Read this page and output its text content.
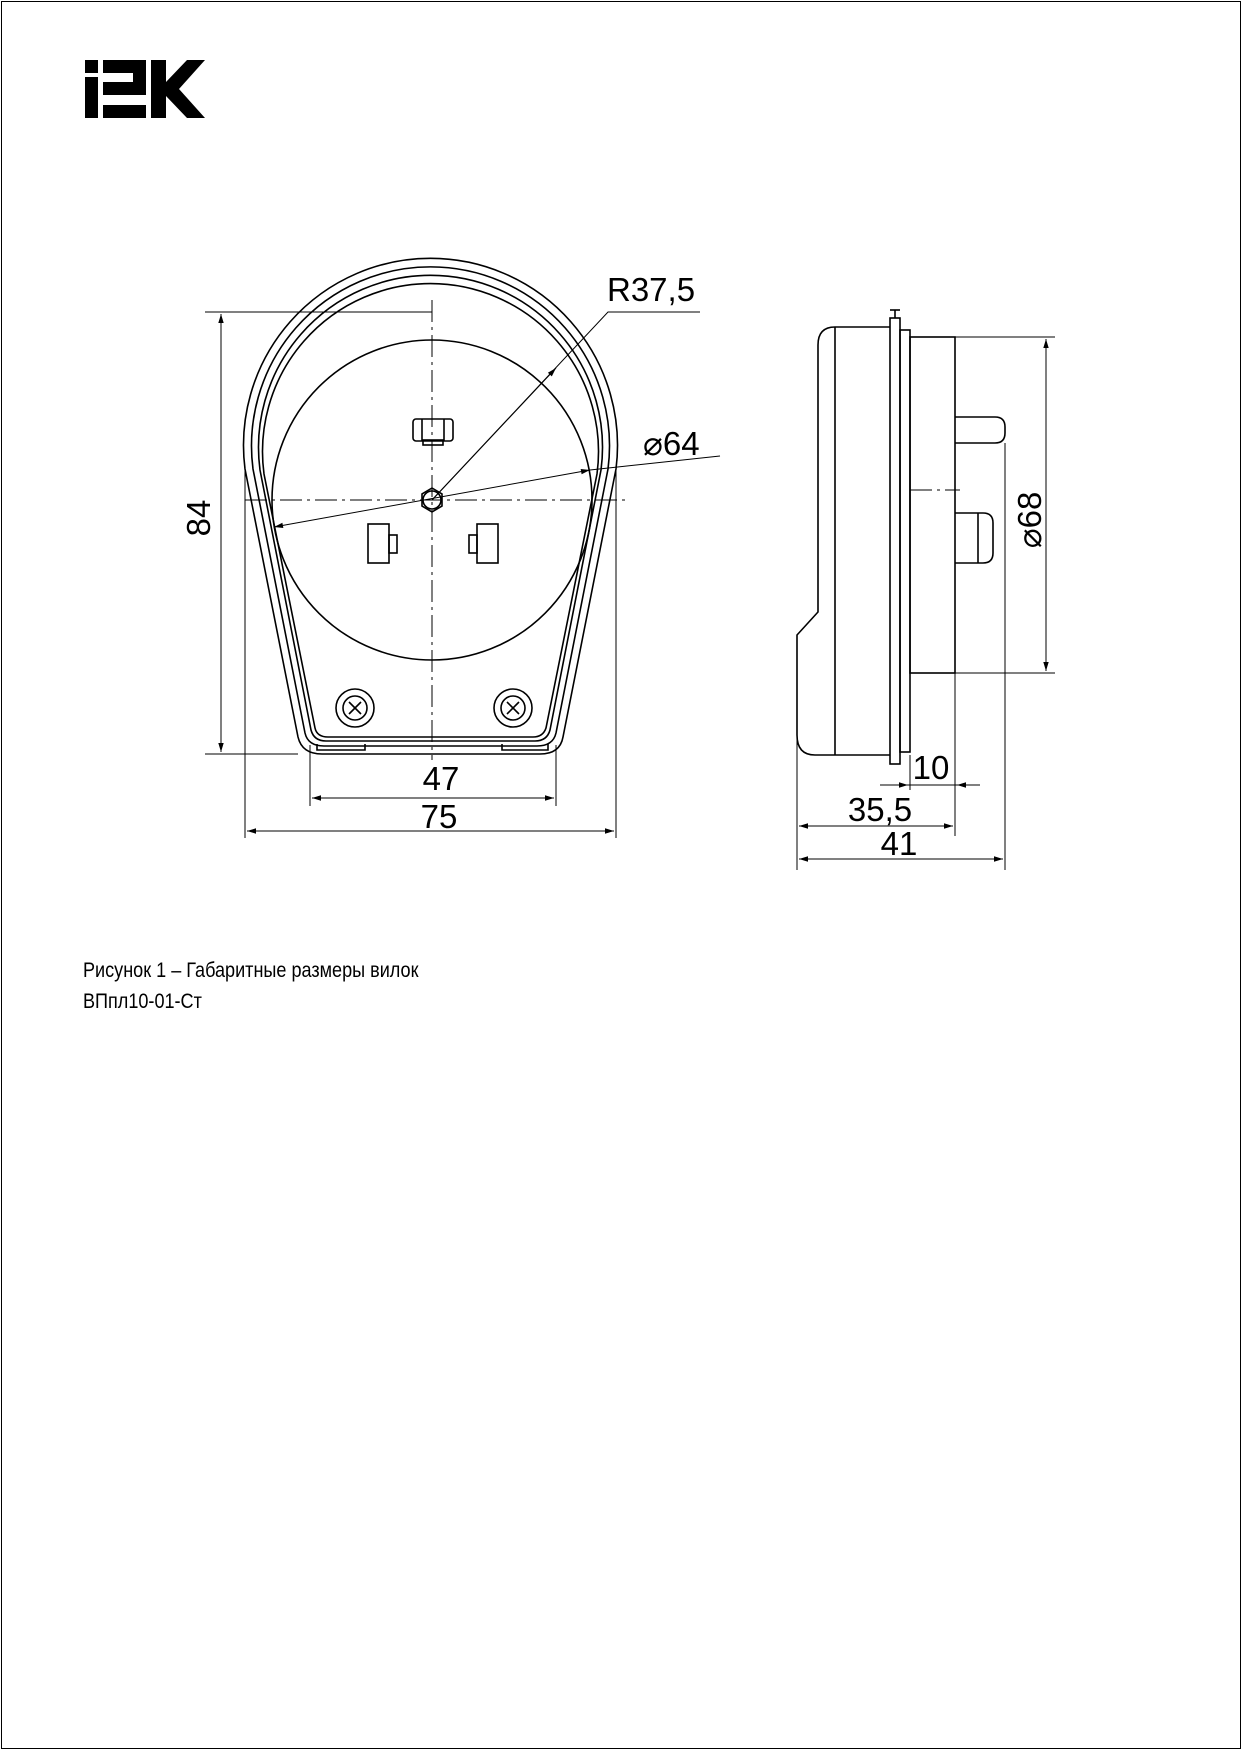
R37,5
⌀64
84
47
75
⌀68
10
35,5
41
Рисунок 1 – Габаритные размеры вилок
ВПпл10-01-Ст
